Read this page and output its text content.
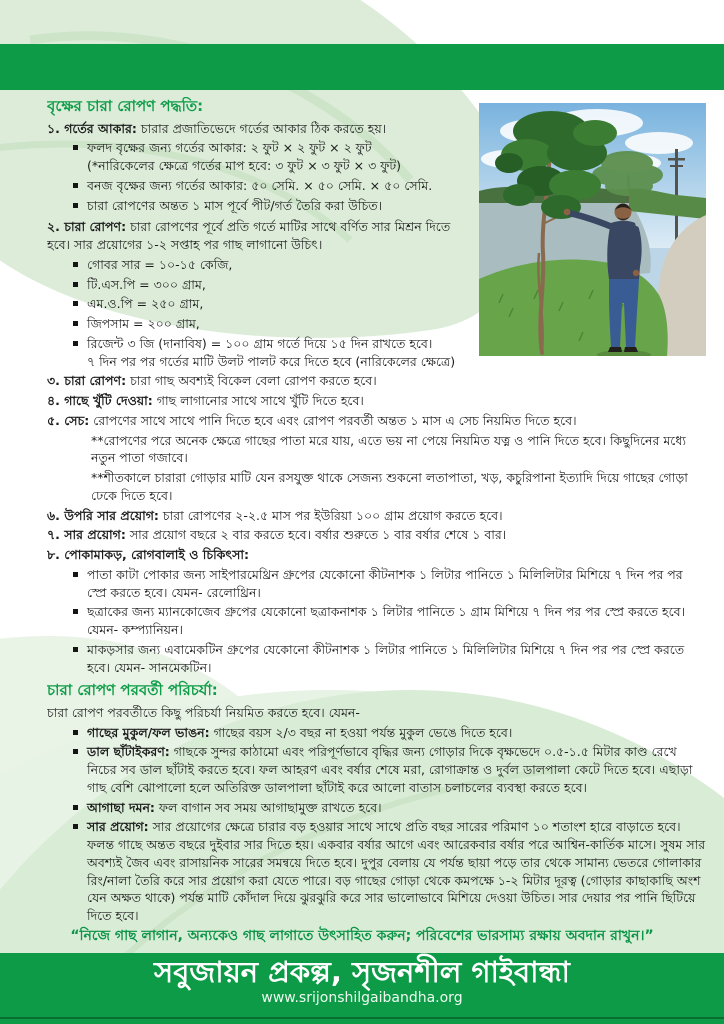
বৃক্ষের চারা রোপণ পদ্ধতি:

১. গর্তের আকার: চারার প্রজাতিভেদে গর্তের আকার ঠিক করতে হয়।

ফলদ বৃক্ষের জন্য গর্তের আকার: ২ ফুট × ২ ফুট × ২ ফুট
(*নারিকেলের ক্ষেত্রে গর্তের মাপ হবে: ৩ ফুট × ৩ ফুট × ৩ ফুট)

বনজ বৃক্ষের জন্য গর্তের আকার: ৫০ সেমি. × ৫০ সেমি. × ৫০ সেমি.

চারা রোপণের অন্তত ১ মাস পূর্বে পীট/গর্ত তৈরি করা উচিত।

২. চারা রোপণ: চারা রোপণের পূর্বে প্রতি গর্তে মাটির সাথে বর্ণিত সার মিশ্রন দিতে হবে। সার প্রয়োগের ১-২ সপ্তাহ পর গাছ লাগানো উচিৎ।

গোবর সার = ১০-১৫ কেজি,

টি.এস.পি = ৩০০ গ্রাম,

এম.ও.পি = ২৫০ গ্রাম,

জিপসাম = ২০০ গ্রাম,

রিজেন্ট ৩ জি (দানাবিষ) = ১০০ গ্রাম গর্তে দিয়ে ১৫ দিন রাখতে হবে।
৭ দিন পর পর গর্তের মাটি উলট পালট করে দিতে হবে (নারিকেলের ক্ষেত্রে)

৩. চারা রোপণ: চারা গাছ অবশ্যই বিকেল বেলা রোপণ করতে হবে।

৪. গাছে খুঁটি দেওয়া: গাছ লাগানোর সাথে সাথে খুঁটি দিতে হবে।

৫. সেচ: রোপণের সাথে সাথে পানি দিতে হবে এবং রোপণ পরবর্তী অন্তত ১ মাস এ সেচ নিয়মিত দিতে হবে।

**রোপণের পরে অনেক ক্ষেত্রে গাছের পাতা মরে যায়, এতে ভয় না পেয়ে নিয়মিত যত্ন ও পানি দিতে হবে। কিছুদিনের মধ্যে নতুন পাতা গজাবে।

**শীতকালে চারারা গোড়ার মাটি যেন রসযুক্ত থাকে সেজন্য শুকনো লতাপাতা, খড়, কচুরিপানা ইত্যাদি দিয়ে গাছের গোড়া ঢেকে দিতে হবে।

৬. উপরি সার প্রয়োগ: চারা রোপণের ২-২.৫ মাস পর ইউরিয়া ১০০ গ্রাম প্রয়োগ করতে হবে।

৭. সার প্রয়োগ: সার প্রয়োগ বছরে ২ বার করতে হবে। বর্ষার শুরুতে ১ বার বর্ষার শেষে ১ বার।

৮. পোকামাকড়, রোগবালাই ও চিকিৎসা:

পাতা কাটা পোকার জন্য সাইপারমেথ্রিন গ্রুপের যেকোনো কীটনাশক ১ লিটার পানিতে ১ মিলিলিটার মিশিয়ে ৭ দিন পর পর স্প্রে করতে হবে। যেমন- রেলোথ্রিন।

ছত্রাকের জন্য ম্যানকোজেব গ্রুপের যেকোনো ছত্রাকনাশক ১ লিটার পানিতে ১ গ্রাম মিশিয়ে ৭ দিন পর পর স্প্রে করতে হবে। যেমন- কম্প্যানিয়ন।

মাকড়সার জন্য এবামেকটিন গ্রুপের যেকোনো কীটনাশক ১ লিটার পানিতে ১ মিলিলিটার মিশিয়ে ৭ দিন পর পর স্প্রে করতে হবে। যেমন- সানমেকটিন।

চারা রোপণ পরবর্তী পরিচর্যা:

চারা রোপণ পরবর্তীতে কিছু পরিচর্যা নিয়মিত করতে হবে। যেমন-

গাছের মুকুল/ফল ভাঙন: গাছের বয়স ২/৩ বছর না হওয়া পর্যন্ত মুকুল ভেঙে দিতে হবে।

ডাল ছাঁটাইকরণ: গাছকে সুন্দর কাঠামো এবং পরিপূর্ণভাবে বৃদ্ধির জন্য গোড়ার দিকে বৃক্ষভেদে ০.৫-১.৫ মিটার কাণ্ড রেখে নিচের সব ডাল ছাঁটাই করতে হবে। ফল আহরণ এবং বর্ষার শেষে মরা, রোগাক্রান্ত ও দুর্বল ডালপালা কেটে দিতে হবে। এছাড়া গাছ বেশি ঝোপালো হলে অতিরিক্ত ডালপালা ছাঁটাই করে আলো বাতাস চলাচলের ব্যবস্থা করতে হবে।

আগাছা দমন: ফল বাগান সব সময় আগাছামুক্ত রাখতে হবে।

সার প্রয়োগ: সার প্রয়োগের ক্ষেত্রে চারার বড় হওয়ার সাথে সাথে প্রতি বছর সারের পরিমাণ ১০ শতাংশ হারে বাড়াতে হবে। ফলন্ত গাছে অন্তত বছরে দুইবার সার দিতে হয়। একবার বর্ষার আগে এবং আরেকবার বর্ষার পরে আশ্বিন-কার্তিক মাসে। সুষম সার অবশ্যই জৈব এবং রাসায়নিক সারের সমন্বয়ে দিতে হবে। দুপুর বেলায় যে পর্যন্ত ছায়া পড়ে তার থেকে সামান্য ভেতরে গোলাকার রিং/নালা তৈরি করে সার প্রয়োগ করা যেতে পারে। বড় গাছের গোড়া থেকে কমপক্ষে ১-২ মিটার দূরত্ব (গোড়ার কাছাকাছি অংশ যেন অক্ষত থাকে) পর্যন্ত মাটি কোঁদাল দিয়ে ঝুরঝুরি করে সার ভালোভাবে মিশিয়ে দেওয়া উচিত। সার দেয়ার পর পানি ছিটিয়ে দিতে হবে।

“নিজে গাছ লাগান, অন্যকেও গাছ লাগাতে উৎসাহিত করুন; পরিবেশের ভারসাম্য রক্ষায় অবদান রাখুন।”
সবুজায়ন প্রকল্প, সৃজনশীল গাইবান্ধা
www.srijonshilgaibandha.org
